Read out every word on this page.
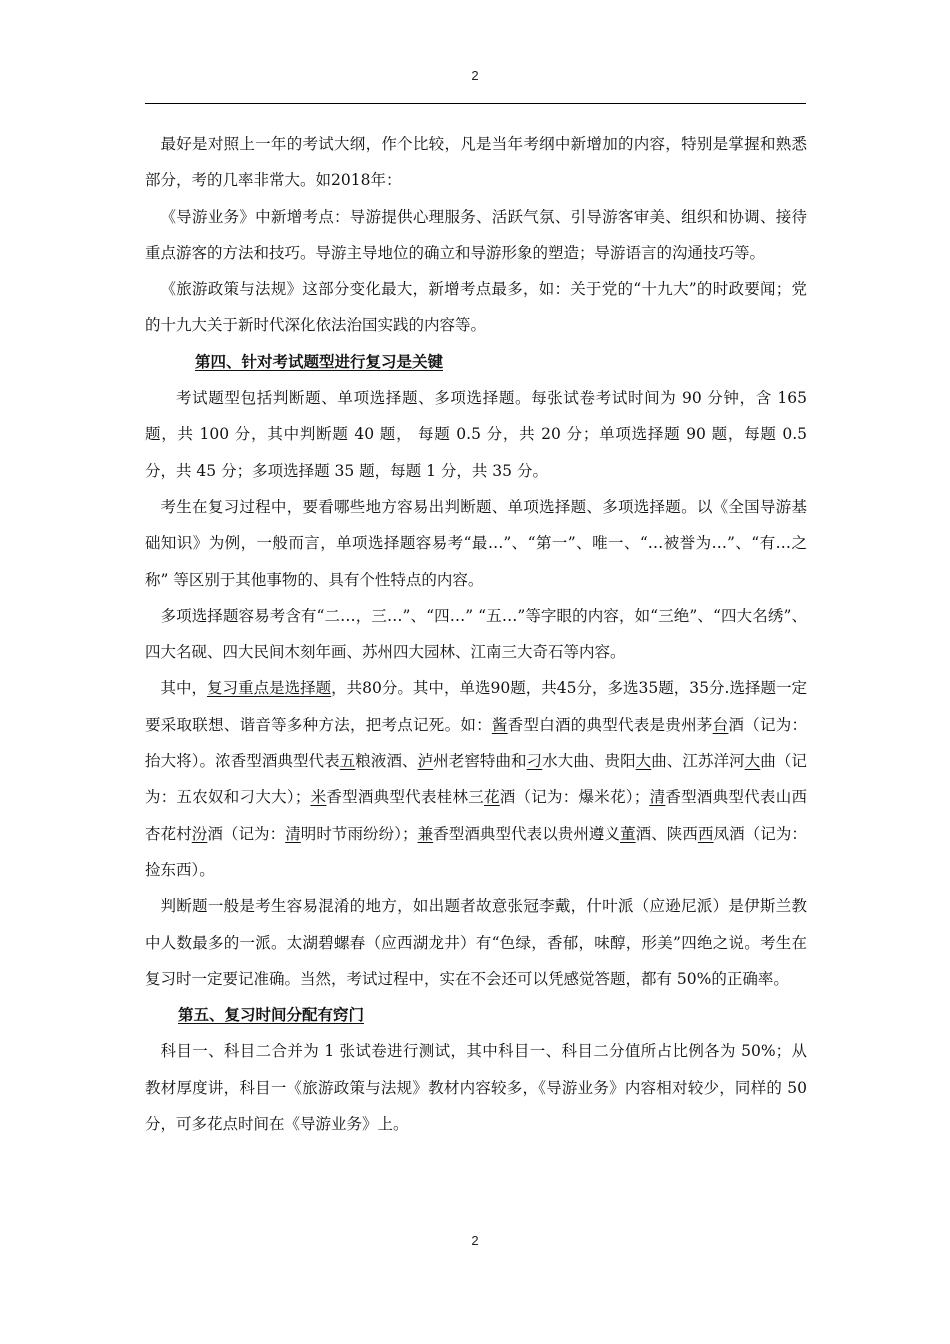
2

最好是对照上一年的考试大纲，作个比较，凡是当年考纲中新增加的内容，特别是掌握和熟悉部分，考的几率非常大。如2018年：

《导游业务》中新增考点：导游提供心理服务、活跃气氛、引导游客审美、组织和协调、接待重点游客的方法和技巧。导游主导地位的确立和导游形象的塑造；导游语言的沟通技巧等。

《旅游政策与法规》这部分变化最大，新增考点最多，如：关于党的“十九大”的时政要闻；党的十九大关于新时代深化依法治国实践的内容等。

第四、针对考试题型进行复习是关键

考试题型包括判断题、单项选择题、多项选择题。每张试卷考试时间为 90 分钟，含 165 题，共 100 分，其中判断题 40 题， 每题 0.5 分，共 20 分；单项选择题 90 题，每题 0.5 分，共 45 分；多项选择题 35 题，每题 1 分，共 35 分。

考生在复习过程中，要看哪些地方容易出判断题、单项选择题、多项选择题。以《全国导游基础知识》为例，一般而言，单项选择题容易考“最…”、“第一”、唯一、“…被誉为…”、“有…之称” 等区别于其他事物的、具有个性特点的内容。

多项选择题容易考含有“二…，三…”、“四…” “五…”等字眼的内容，如“三绝”、“四大名绣”、四大名砚、四大民间木刻年画、苏州四大园林、江南三大奇石等内容。

其中，复习重点是选择题，共80分。其中，单选90题，共45分，多选35题，35分.选择题一定要采取联想、谐音等多种方法，把考点记死。如：酱香型白酒的典型代表是贵州茅台酒（记为：抬大将）。浓香型酒典型代表五粮液酒、泸州老窖特曲和刁水大曲、贵阳大曲、江苏洋河大曲（记为：五农奴和刁大大）；米香型酒典型代表桂林三花酒（记为：爆米花）；清香型酒典型代表山西杏花村汾酒（记为：清明时节雨纷纷）；兼香型酒典型代表以贵州遵义董酒、陕西西凤酒（记为：捡东西）。

判断题一般是考生容易混淆的地方，如出题者故意张冠李戴，什叶派（应逊尼派）是伊斯兰教中人数最多的一派。太湖碧螺春（应西湖龙井）有“色绿，香郁，味醇，形美”四绝之说。考生在复习时一定要记准确。当然，考试过程中，实在不会还可以凭感觉答题，都有 50%的正确率。

第五、复习时间分配有窍门

科目一、科目二合并为 1 张试卷进行测试，其中科目一、科目二分值所占比例各为 50%；从教材厚度讲，科目一《旅游政策与法规》教材内容较多，《导游业务》内容相对较少，同样的 50 分，可多花点时间在《导游业务》上。

2
